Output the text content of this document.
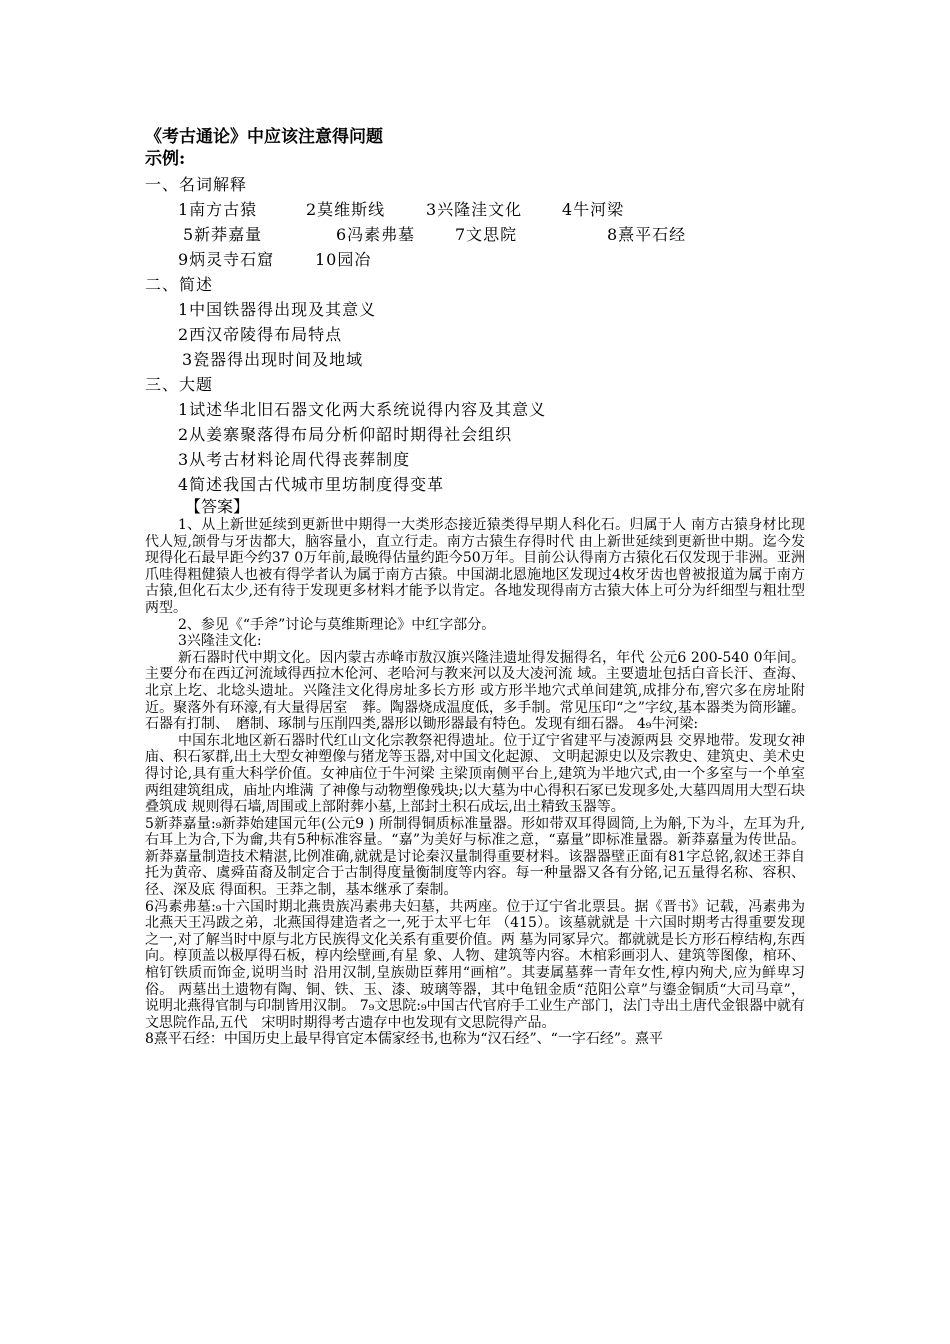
《考古通论》中应该注意得问题

示例:

一、名词解释

1南方古猿	2莫维斯线	3兴隆洼文化 4牛河梁

5新莽嘉量	6冯素弗墓 7文思院	8熹平石经

9炳灵寺石窟	10园冶

二、简述

1中国铁器得出现及其意义

2西汉帝陵得布局特点

3瓷器得出现时间及地域

三、大题

1试述华北旧石器文化两大系统说得内容及其意义

2从姜寨聚落得布局分析仰韶时期得社会组织

3从考古材料论周代得丧葬制度

4简述我国古代城市里坊制度得变革

【答案】

1、从上新世延续到更新世中期得一大类形态接近猿类得早期人科化石。归属于人 南方古猿身材比现代人短,颌骨与牙齿都大，脑容量小，直立行走。南方古猿生存得时代 由上新世延续到更新世中期。迄今发现得化石最早距今约37 0万年前,最晚得估量约距今50万年。目前公认得南方古猿化石仅发现于非洲。亚洲爪哇得粗健猿人也被有得学者认为属于南方古猿。中国湖北恩施地区发现过4枚牙齿也曾被报道为属于南方古猿,但化石太少,还有待于发现更多材料才能予以肯定。各地发现得南方古猿大体上可分为纤细型与粗壮型两型。

2、参见《“手斧”讨论与莫维斯理论》中红字部分。

3兴隆洼文化:

新石器时代中期文化。因内蒙古赤峰市敖汉旗兴隆洼遗址得发掘得名，年代 公元6 200-540 0年间。主要分布在西辽河流域得西拉木伦河、老哈河与教来河以及大凌河流 域。主要遗址包括白音长汗、查海、北京上圪、北埝头遗址。兴隆洼文化得房址多长方形 或方形半地穴式单间建筑,成排分布,窖穴多在房址附近。聚落外有环濠,有大量得居室　葬。陶器烧成温度低，多手制。常见压印“之”字纹,基本器类为筒形罐。石器有打制、　磨制、琢制与压削四类,器形以锄形器最有特色。发现有细石器。 4₉牛河梁:

中国东北地区新石器时代红山文化宗教祭祀得遗址。位于辽宁省建平与凌源两县 交界地带。发现女神庙、积石冢群,出土大型女神塑像与猪龙等玉器,对中国文化起源、 文明起源史以及宗教史、建筑史、美术史得讨论,具有重大科学价值。女神庙位于牛河梁 主梁顶南侧平台上,建筑为半地穴式,由一个多室与一个单室两组建筑组成，庙址内堆满 了神像与动物塑像残块;以大墓为中心得积石冢已发现多处,大墓四周用大型石块叠筑成 规则得石墙,周围或上部附葬小墓,上部封土积石成坛,出土精致玉器等。

5新莽嘉量:₉新莽始建国元年(公元9 ) 所制得铜质标准量器。形如带双耳得圆筒,上为斛,下为斗，左耳为升,右耳上为合,下为龠,共有5种标准容量。“嘉”为美好与标准之意，“嘉量”即标准量器。新莽嘉量为传世品。新莽嘉量制造技术精湛,比例准确,就就是讨论秦汉量制得重要材料。该器器壁正面有81字总铭,叙述王莽自托为黄帝、虞舜苗裔及制定合于古制得度量衡制度等内容。每一种量器又各有分铭,记五量得名称、容积、径、深及底 得面积。王莽之制，基本继承了秦制。

6冯素弗墓:₉十六国时期北燕贵族冯素弗夫妇墓，共两座。位于辽宁省北票县。据《晋书》记载，冯素弗为北燕天王冯跋之弟，北燕国得建造者之一,死于太平七年 （415）。该墓就就是 十六国时期考古得重要发现之一,对了解当时中原与北方民族得文化关系有重要价值。两 墓为同冢异穴。都就就是长方形石椁结构,东西向。椁顶盖以极厚得石板，椁内绘壁画,有星 象、人物、建筑等内容。木棺彩画羽人、建筑等图像，棺环、棺钉铁质而饰金,说明当时 沿用汉制,皇族勋臣葬用“画棺”。其妻属墓葬一青年女性,椁内殉犬,应为鲜卑习俗。 两墓出土遗物有陶、铜、铁、玉、漆、玻璃等器，其中龟钮金质“范阳公章”与鎏金铜质“大司马章”，说明北燕得官制与印制皆用汉制。 7₉文思院:₉中国古代官府手工业生产部门，法门寺出土唐代金银器中就有文思院作品,五代　宋明时期得考古遗存中也发现有文思院得产品。

8熹平石经：中国历史上最早得官定本儒家经书,也称为“汉石经”、“一字石经”。熹平
